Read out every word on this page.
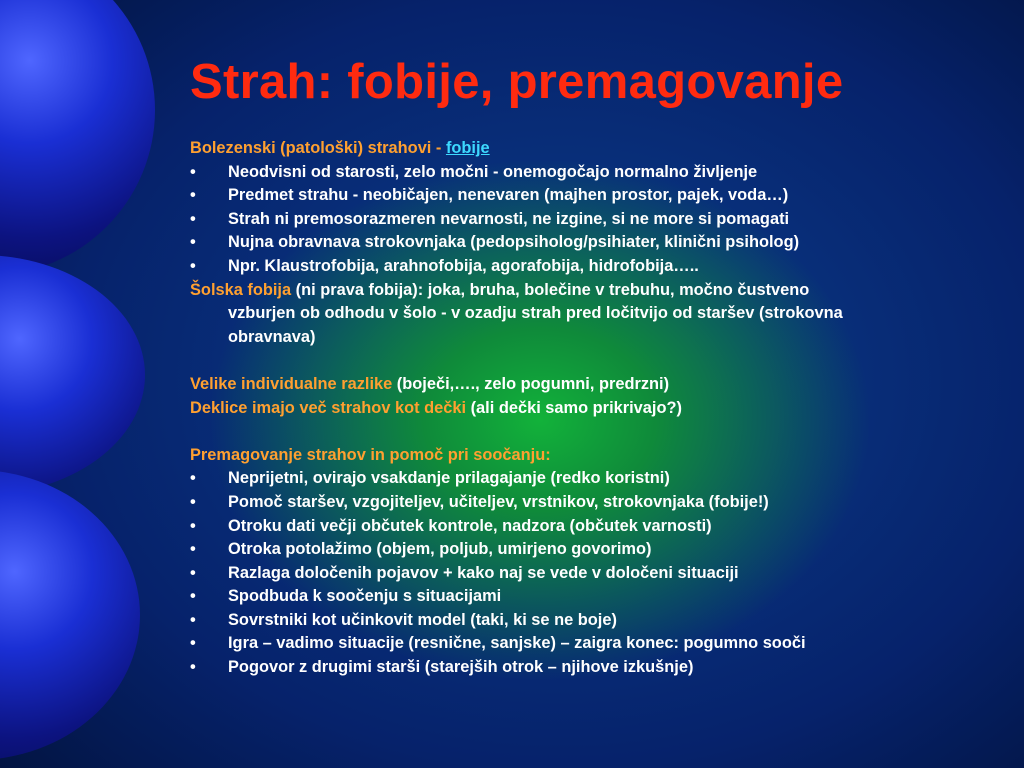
Strah: fobije, premagovanje
Bolezenski (patološki) strahovi - fobije
• Neodvisni od starosti, zelo močni - onemogočajo normalno življenje
• Predmet strahu - neobičajen, nenevaren (majhen prostor, pajek, voda…)
• Strah ni premosorazmeren nevarnosti, ne izgine, si ne more si pomagati
• Nujna obravnava strokovnjaka (pedopsiholog/psihiater, klinični psiholog)
• Npr. Klaustrofobija, arahnofobija, agorafobija, hidrofobija…..
Šolska fobija (ni prava fobija): joka, bruha, bolečine v trebuhu, močno čustveno
vzburjen ob odhodu v šolo - v ozadju strah pred ločitvijo od staršev (strokovna
obravnava)
Velike individualne razlike (boječi,…., zelo pogumni, predrzni)
Deklice imajo več strahov kot dečki (ali dečki samo prikrivajo?)
Premagovanje strahov in pomoč pri soočanju:
• Neprijetni, ovirajo vsakdanje prilagajanje (redko koristni)
• Pomoč staršev, vzgojiteljev, učiteljev, vrstnikov, strokovnjaka (fobije!)
• Otroku dati večji občutek kontrole, nadzora (občutek varnosti)
• Otroka potolažimo (objem, poljub, umirjeno govorimo)
• Razlaga določenih pojavov + kako naj se vede v določeni situaciji
• Spodbuda k soočenju s situacijami
• Sovrstniki kot učinkovit model (taki, ki se ne boje)
• Igra – vadimo situacije (resnične, sanjske) – zaigra konec: pogumno sooči
• Pogovor z drugimi starši (starejših otrok – njihove izkušnje)
